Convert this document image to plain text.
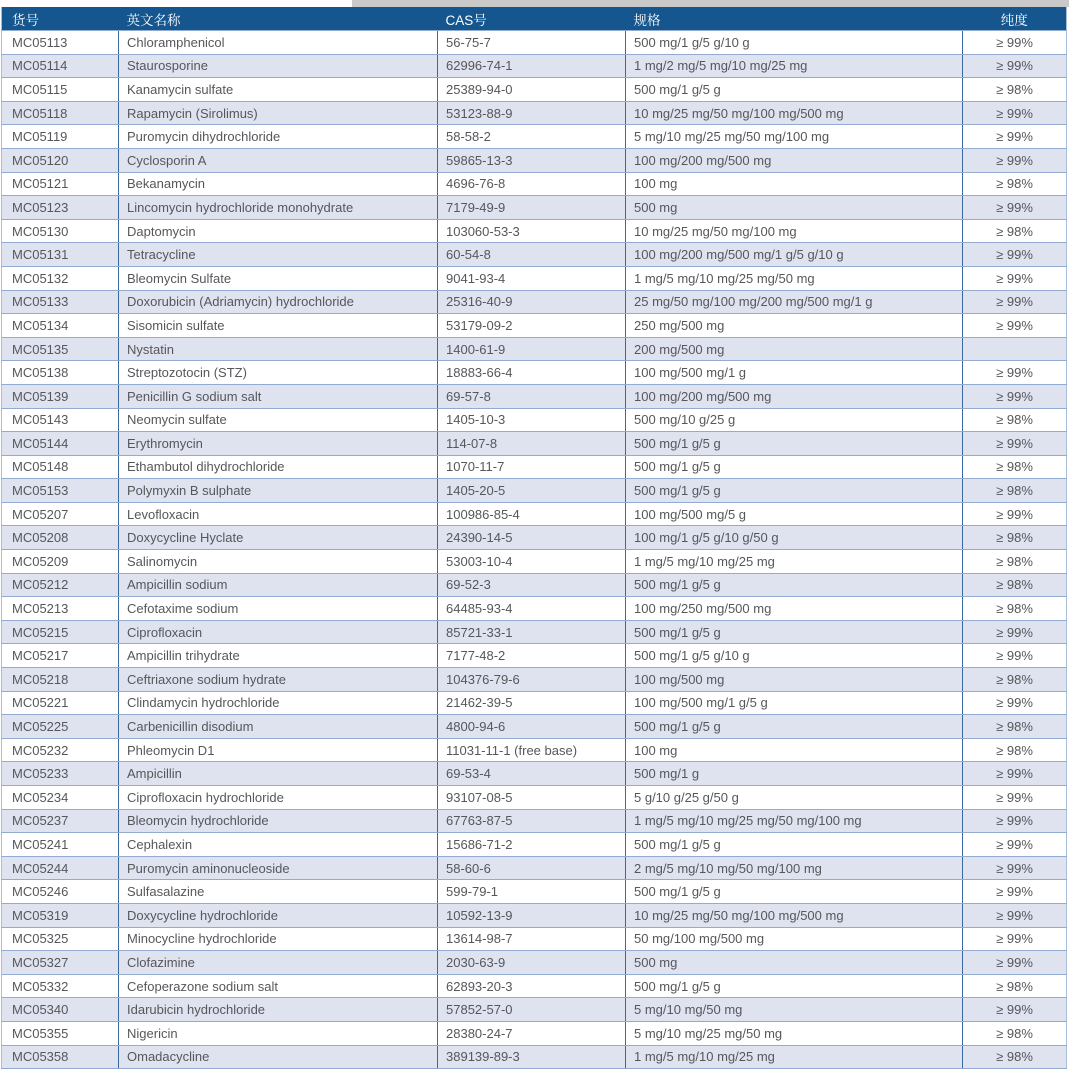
货号	英文名称	CAS号	规格	纯度
MC05113	Chloramphenicol	56-75-7	500 mg/1 g/5 g/10 g	≥ 99%
MC05114	Staurosporine	62996-74-1	1 mg/2 mg/5 mg/10 mg/25 mg	≥ 99%
MC05115	Kanamycin sulfate	25389-94-0	500 mg/1 g/5 g	≥ 98%
MC05118	Rapamycin (Sirolimus)	53123-88-9	10 mg/25 mg/50 mg/100 mg/500 mg	≥ 99%
MC05119	Puromycin dihydrochloride	58-58-2	5 mg/10 mg/25 mg/50 mg/100 mg	≥ 99%
MC05120	Cyclosporin A	59865-13-3	100 mg/200 mg/500 mg	≥ 99%
MC05121	Bekanamycin	4696-76-8	100 mg	≥ 98%
MC05123	Lincomycin hydrochloride monohydrate	7179-49-9	500 mg	≥ 99%
MC05130	Daptomycin	103060-53-3	10 mg/25 mg/50 mg/100 mg	≥ 98%
MC05131	Tetracycline	60-54-8	100 mg/200 mg/500 mg/1 g/5 g/10 g	≥ 99%
MC05132	Bleomycin Sulfate	9041-93-4	1 mg/5 mg/10 mg/25 mg/50 mg	≥ 99%
MC05133	Doxorubicin (Adriamycin) hydrochloride	25316-40-9	25 mg/50 mg/100 mg/200 mg/500 mg/1 g	≥ 99%
MC05134	Sisomicin sulfate	53179-09-2	250 mg/500 mg	≥ 99%
MC05135	Nystatin	1400-61-9	200 mg/500 mg	
MC05138	Streptozotocin (STZ)	18883-66-4	100 mg/500 mg/1 g	≥ 99%
MC05139	Penicillin G sodium salt	69-57-8	100 mg/200 mg/500 mg	≥ 99%
MC05143	Neomycin sulfate	1405-10-3	500 mg/10 g/25 g	≥ 98%
MC05144	Erythromycin	114-07-8	500 mg/1 g/5 g	≥ 99%
MC05148	Ethambutol dihydrochloride	1070-11-7	500 mg/1 g/5 g	≥ 98%
MC05153	Polymyxin B sulphate	1405-20-5	500 mg/1 g/5 g	≥ 98%
MC05207	Levofloxacin	100986-85-4	100 mg/500 mg/5 g	≥ 99%
MC05208	Doxycycline Hyclate	24390-14-5	100 mg/1 g/5 g/10 g/50 g	≥ 98%
MC05209	Salinomycin	53003-10-4	1 mg/5 mg/10 mg/25 mg	≥ 98%
MC05212	Ampicillin sodium	69-52-3	500 mg/1 g/5 g	≥ 98%
MC05213	Cefotaxime sodium	64485-93-4	100 mg/250 mg/500 mg	≥ 98%
MC05215	Ciprofloxacin	85721-33-1	500 mg/1 g/5 g	≥ 99%
MC05217	Ampicillin trihydrate	7177-48-2	500 mg/1 g/5 g/10 g	≥ 99%
MC05218	Ceftriaxone sodium hydrate	104376-79-6	100 mg/500 mg	≥ 98%
MC05221	Clindamycin hydrochloride	21462-39-5	100 mg/500 mg/1 g/5 g	≥ 99%
MC05225	Carbenicillin disodium	4800-94-6	500 mg/1 g/5 g	≥ 98%
MC05232	Phleomycin D1	11031-11-1 (free base)	100 mg	≥ 98%
MC05233	Ampicillin	69-53-4	500 mg/1 g	≥ 99%
MC05234	Ciprofloxacin hydrochloride	93107-08-5	5 g/10 g/25 g/50 g	≥ 99%
MC05237	Bleomycin hydrochloride	67763-87-5	1 mg/5 mg/10 mg/25 mg/50 mg/100 mg	≥ 99%
MC05241	Cephalexin	15686-71-2	500 mg/1 g/5 g	≥ 99%
MC05244	Puromycin aminonucleoside	58-60-6	2 mg/5 mg/10 mg/50 mg/100 mg	≥ 99%
MC05246	Sulfasalazine	599-79-1	500 mg/1 g/5 g	≥ 99%
MC05319	Doxycycline hydrochloride	10592-13-9	10 mg/25 mg/50 mg/100 mg/500 mg	≥ 99%
MC05325	Minocycline hydrochloride	13614-98-7	50 mg/100 mg/500 mg	≥ 99%
MC05327	Clofazimine	2030-63-9	500 mg	≥ 99%
MC05332	Cefoperazone sodium salt	62893-20-3	500 mg/1 g/5 g	≥ 98%
MC05340	Idarubicin hydrochloride	57852-57-0	5 mg/10 mg/50 mg	≥ 99%
MC05355	Nigericin	28380-24-7	5 mg/10 mg/25 mg/50 mg	≥ 98%
MC05358	Omadacycline	389139-89-3	1 mg/5 mg/10 mg/25 mg	≥ 98%
